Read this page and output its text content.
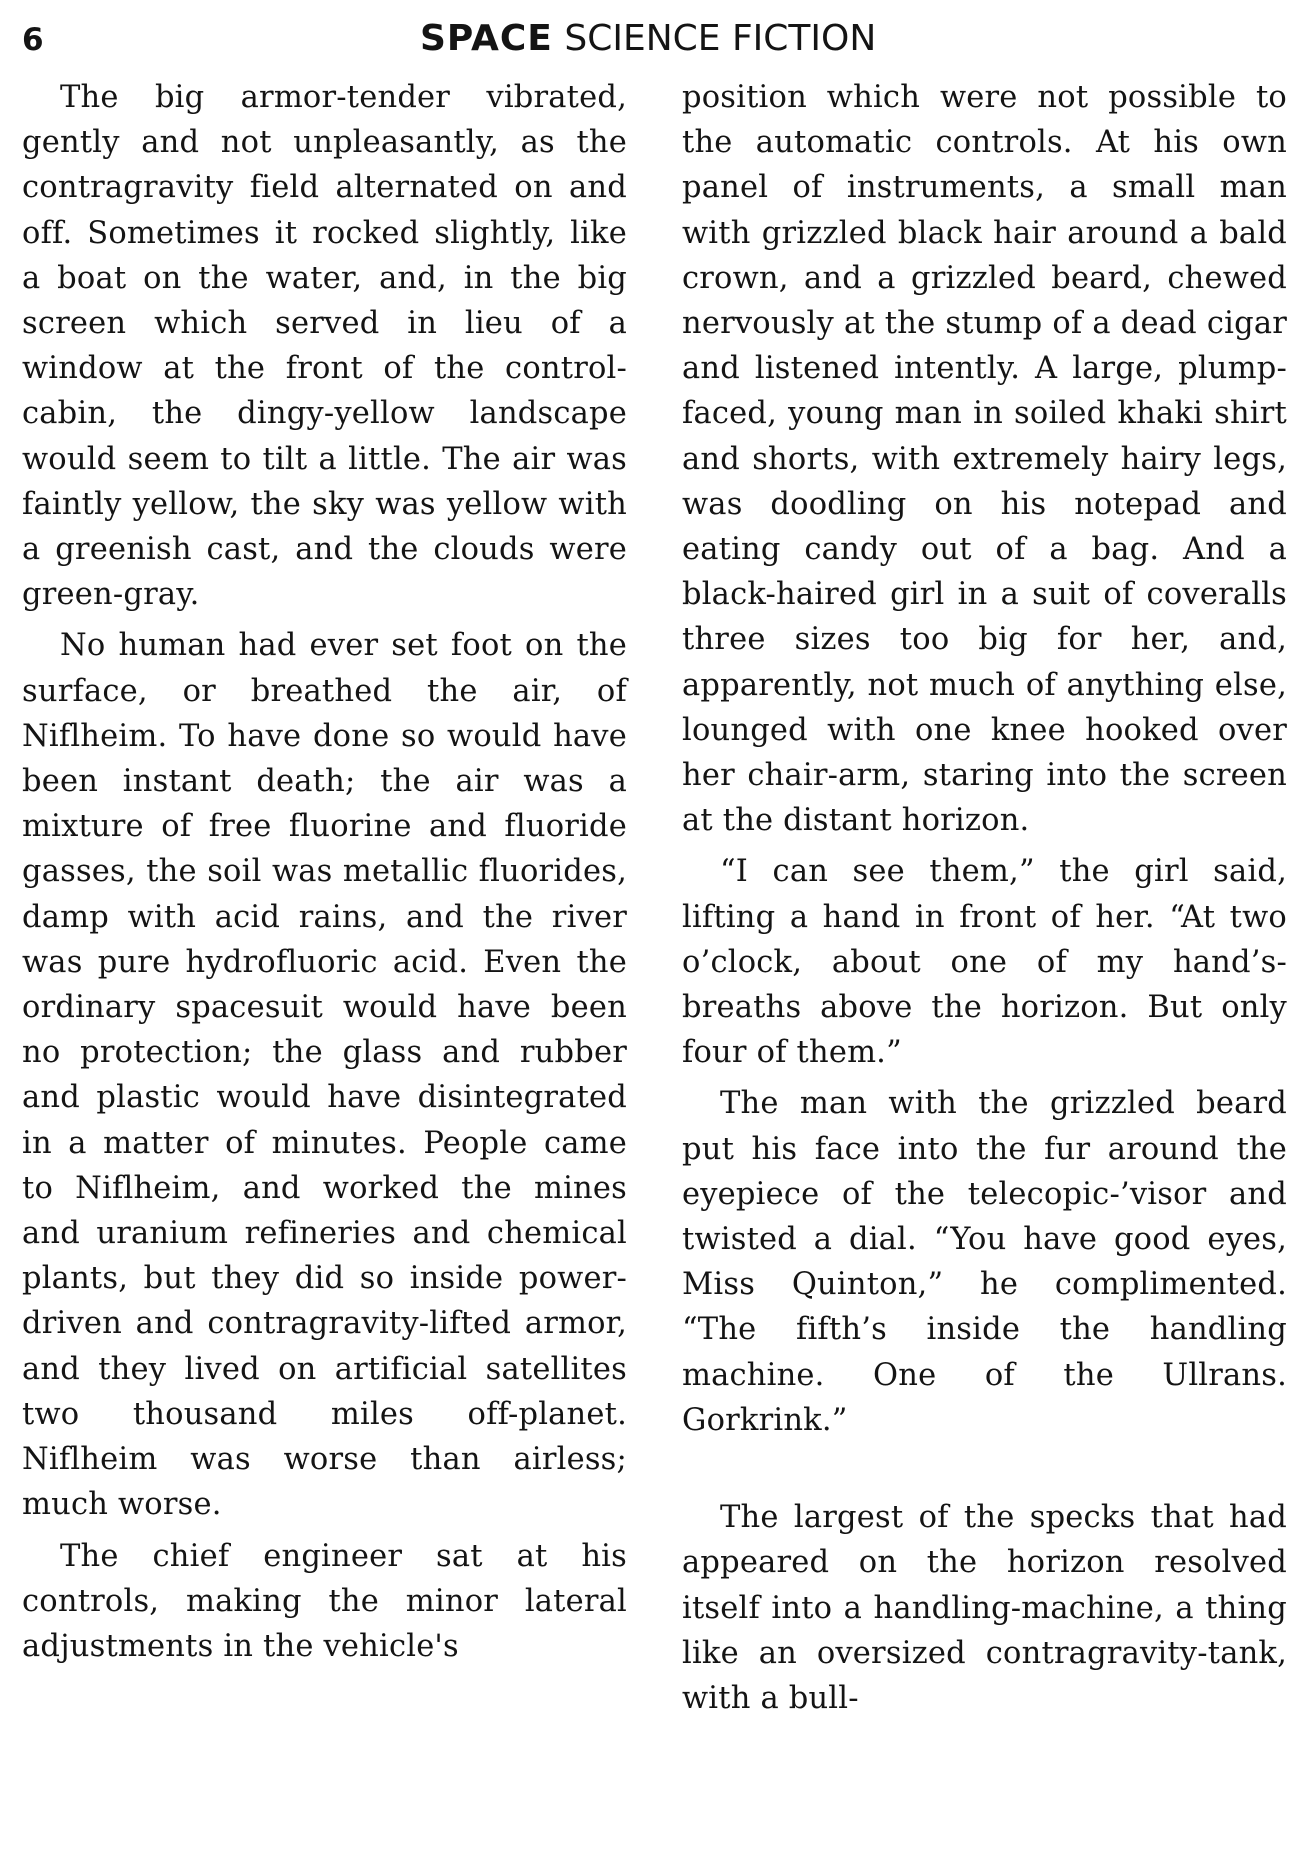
6	SPACE SCIENCE FICTION

The big armor-tender vibrated, gently and not unpleasantly, as the contragravity field alternated on and off. Sometimes it rocked slightly, like a boat on the water, and, in the big screen which served in lieu of a window at the front of the control-cabin, the dingy-yellow landscape would seem to tilt a little. The air was faintly yellow, the sky was yellow with a greenish cast, and the clouds were green-gray.

No human had ever set foot on the surface, or breathed the air, of Niflheim. To have done so would have been instant death; the air was a mixture of free fluorine and fluoride gasses, the soil was metallic fluorides, damp with acid rains, and the river was pure hydrofluoric acid. Even the ordinary spacesuit would have been no protection; the glass and rubber and plastic would have disintegrated in a matter of minutes. People came to Niflheim, and worked the mines and uranium refineries and chemical plants, but they did so inside power-driven and contragravity-lifted armor, and they lived on artificial satellites two thousand miles off-planet. Niflheim was worse than airless; much worse.

The chief engineer sat at his controls, making the minor lateral adjustments in the vehicle's

position which were not possible to the automatic controls. At his own panel of instruments, a small man with grizzled black hair around a bald crown, and a grizzled beard, chewed nervously at the stump of a dead cigar and listened intently. A large, plump-faced, young man in soiled khaki shirt and shorts, with extremely hairy legs, was doodling on his notepad and eating candy out of a bag. And a black-haired girl in a suit of coveralls three sizes too big for her, and, apparently, not much of anything else, lounged with one knee hooked over her chair-arm, staring into the screen at the distant horizon.

“I can see them,” the girl said, lifting a hand in front of her. “At two o’clock, about one of my hand’s-breaths above the horizon. But only four of them.”

The man with the grizzled beard put his face into the fur around the eyepiece of the telecopic-’visor and twisted a dial. “You have good eyes, Miss Quinton,” he complimented. “The fifth’s inside the handling machine. One of the Ullrans. Gorkrink.”

The largest of the specks that had appeared on the horizon resolved itself into a handling-machine, a thing like an oversized contragravity-tank, with a bull-
